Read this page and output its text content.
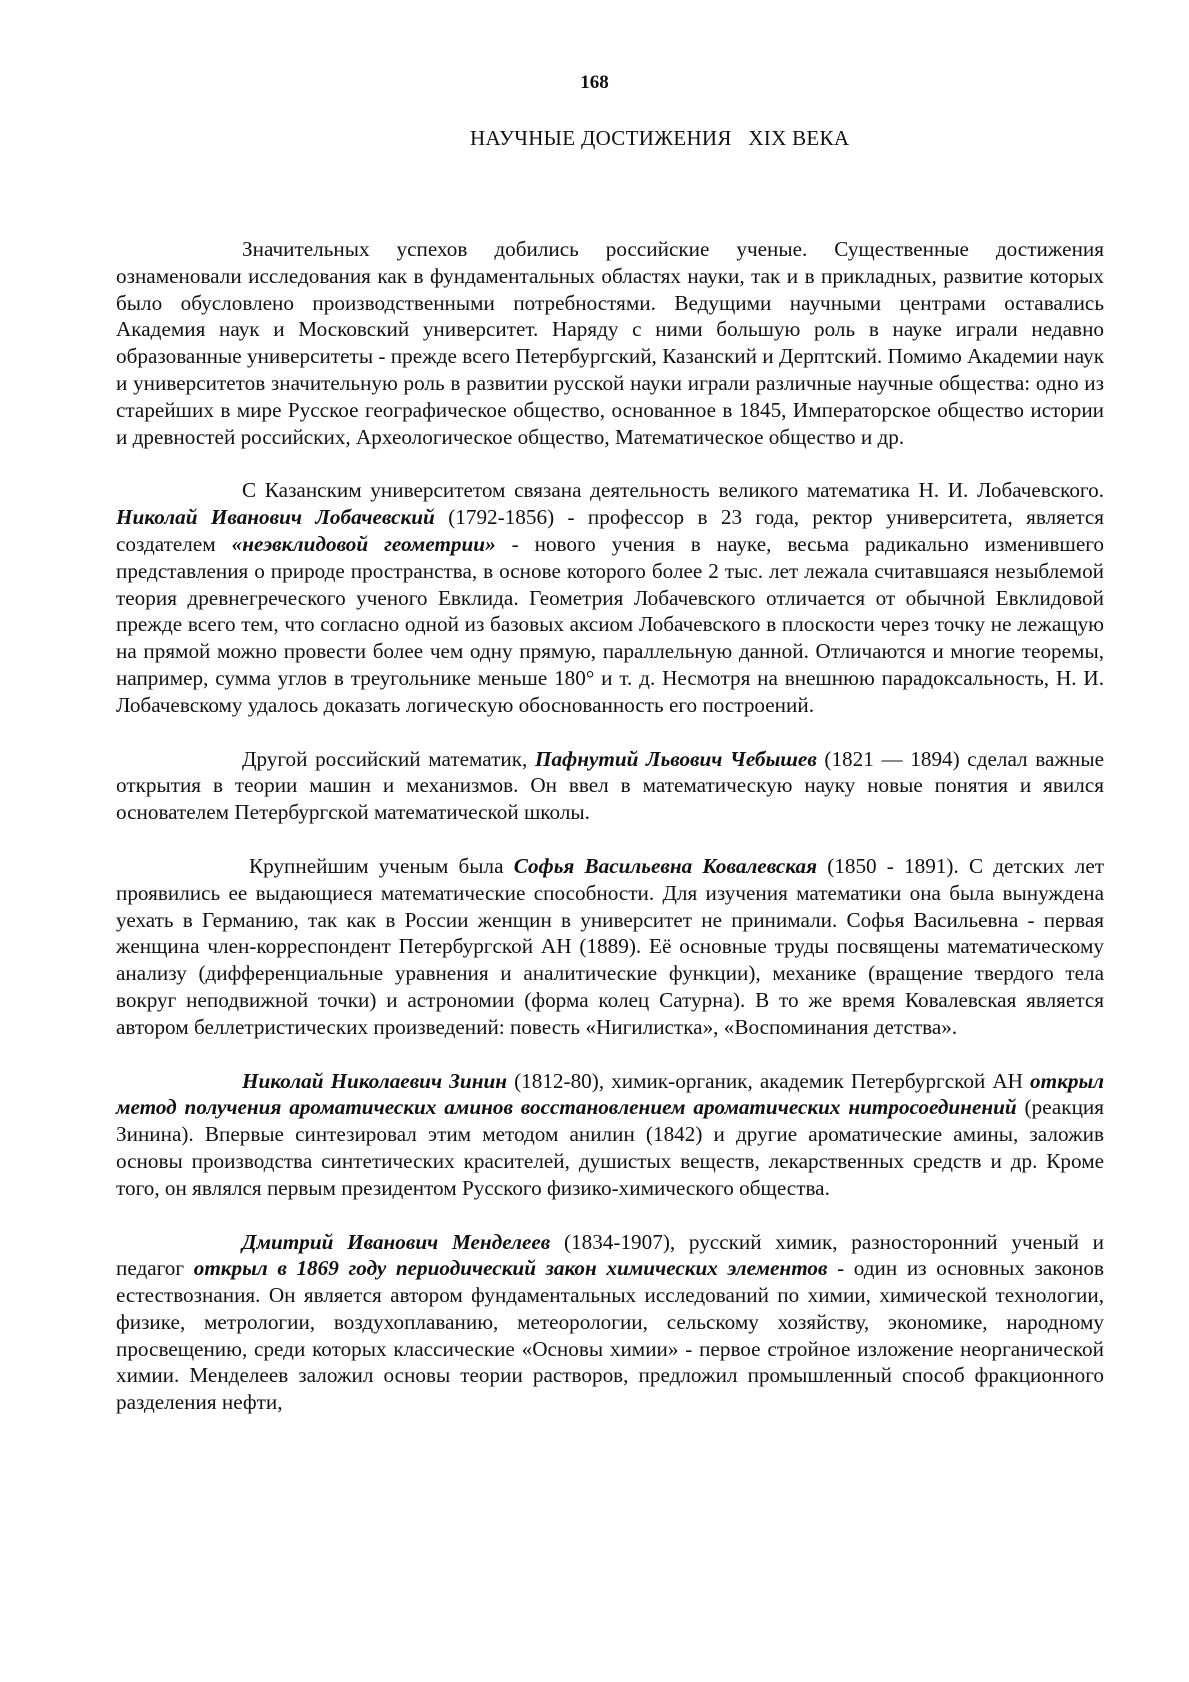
168
НАУЧНЫЕ ДОСТИЖЕНИЯ   XIX ВЕКА

Значительных успехов добились российские ученые. Существенные достижения ознаменовали исследования как в фундаментальных областях науки, так и в прикладных, развитие которых было обусловлено производственными потребностями. Ведущими научными центрами оставались Академия наук и Московский университет. Наряду с ними большую роль в науке играли недавно образованные университеты - прежде всего Петербургский, Казанский и Дерптский. Помимо Академии наук и университетов значительную роль в развитии русской науки играли различные научные общества: одно из старейших в мире Русское географическое общество, основанное в 1845, Императорское общество истории и древностей российских, Археологическое общество, Математическое общество и др.

С Казанским университетом связана деятельность великого математика Н. И. Лобачевского. Николай Иванович Лобачевский (1792-1856) - профессор в 23 года, ректор университета, является создателем «неэвклидовой геометрии» - нового учения в науке, весьма радикально изменившего представления о природе пространства, в основе которого более 2 тыс. лет лежала считавшаяся незыблемой теория древнегреческого ученого Евклида. Геометрия Лобачевского отличается от обычной Евклидовой прежде всего тем, что согласно одной из базовых аксиом Лобачевского в плоскости через точку не лежащую на прямой можно провести более чем одну прямую, параллельную данной. Отличаются и многие теоремы, например, сумма углов в треугольнике меньше 180° и т. д. Несмотря на внешнюю парадоксальность, Н. И. Лобачевскому удалось доказать логическую обоснованность его построений.

Другой российский математик, Пафнутий Львович Чебышев (1821 — 1894) сделал важные открытия в теории машин и механизмов. Он ввел в математическую науку новые понятия и явился основателем Петербургской математической школы.

Крупнейшим ученым была Софья Васильевна Ковалевская (1850 - 1891). С детских лет проявились ее выдающиеся математические способности. Для изучения математики она была вынуждена уехать в Германию, так как в России женщин в университет не принимали. Софья Васильевна - первая женщина член-корреспондент Петербургской АН (1889). Её основные труды посвящены математическому анализу (дифференциальные уравнения и аналитические функции), механике (вращение твердого тела вокруг неподвижной точки) и астрономии (форма колец Сатурна). В то же время Ковалевская является автором беллетристических произведений: повесть «Нигилистка», «Воспоминания детства».

Николай Николаевич Зинин (1812-80), химик-органик, академик Петербургской АН открыл метод получения ароматических аминов восстановлением ароматических нитросоединений (реакция Зинина). Впервые синтезировал этим методом анилин (1842) и другие ароматические амины, заложив основы производства синтетических красителей, душистых веществ, лекарственных средств и др. Кроме того, он являлся первым президентом Русского физико-химического общества.

Дмитрий Иванович Менделеев (1834-1907), русский химик, разносторонний ученый и педагог открыл в 1869 году периодический закон химических элементов - один из основных законов естествознания. Он является автором фундаментальных исследований по химии, химической технологии, физике, метрологии, воздухоплаванию, метеорологии, сельскому хозяйству, экономике, народному просвещению, среди которых классические «Основы химии» - первое стройное изложение неорганической химии. Менделеев заложил основы теории растворов, предложил промышленный способ фракционного разделения нефти,
